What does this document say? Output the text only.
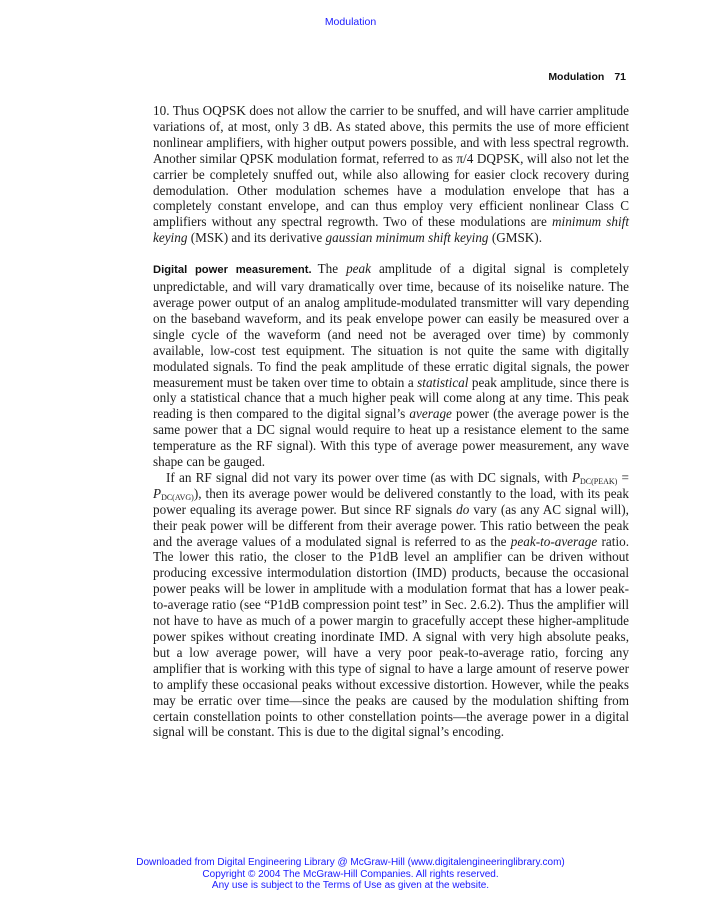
Modulation
Modulation 71

10. Thus OQPSK does not allow the carrier to be snuffed, and will have carrier amplitude variations of, at most, only 3 dB. As stated above, this permits the use of more efficient nonlinear amplifiers, with higher output powers possible, and with less spectral regrowth. Another similar QPSK modulation format, referred to as π/4 DQPSK, will also not let the carrier be completely snuffed out, while also allowing for easier clock recovery during demodulation. Other modulation schemes have a modulation envelope that has a completely constant envelope, and can thus employ very efficient nonlinear Class C amplifiers without any spectral regrowth. Two of these modulations are minimum shift keying (MSK) and its derivative gaussian minimum shift keying (GMSK).

Digital power measurement. The peak amplitude of a digital signal is completely unpredictable, and will vary dramatically over time, because of its noiselike nature. The average power output of an analog amplitude-modulated transmitter will vary depending on the baseband waveform, and its peak envelope power can easily be measured over a single cycle of the waveform (and need not be averaged over time) by commonly available, low-cost test equipment. The situation is not quite the same with digitally modulated signals. To find the peak amplitude of these erratic digital signals, the power measurement must be taken over time to obtain a statistical peak amplitude, since there is only a statistical chance that a much higher peak will come along at any time. This peak reading is then compared to the digital signal’s average power (the average power is the same power that a DC signal would require to heat up a resistance element to the same temperature as the RF signal). With this type of average power measurement, any wave shape can be gauged.

If an RF signal did not vary its power over time (as with DC signals, with $P_{DC(PEAK)} = P_{DC(AVG)}$), then its average power would be delivered constantly to the load, with its peak power equaling its average power. But since RF signals do vary (as any AC signal will), their peak power will be different from their average power. This ratio between the peak and the average values of a modulated signal is referred to as the peak-to-average ratio. The lower this ratio, the closer to the P1dB level an amplifier can be driven without producing excessive intermodulation distortion (IMD) products, because the occasional power peaks will be lower in amplitude with a modulation format that has a lower peak-to-average ratio (see “P1dB compression point test” in Sec. 2.6.2). Thus the amplifier will not have to have as much of a power margin to gracefully accept these higher-amplitude power spikes without creating inordinate IMD. A signal with very high absolute peaks, but a low average power, will have a very poor peak-to-average ratio, forcing any amplifier that is working with this type of signal to have a large amount of reserve power to amplify these occasional peaks without excessive distortion. However, while the peaks may be erratic over time—since the peaks are caused by the modulation shifting from certain constellation points to other constellation points—the average power in a digital signal will be constant. This is due to the digital signal’s encoding.

Downloaded from Digital Engineering Library @ McGraw-Hill (www.digitalengineeringlibrary.com)
Copyright © 2004 The McGraw-Hill Companies. All rights reserved.
Any use is subject to the Terms of Use as given at the website.
